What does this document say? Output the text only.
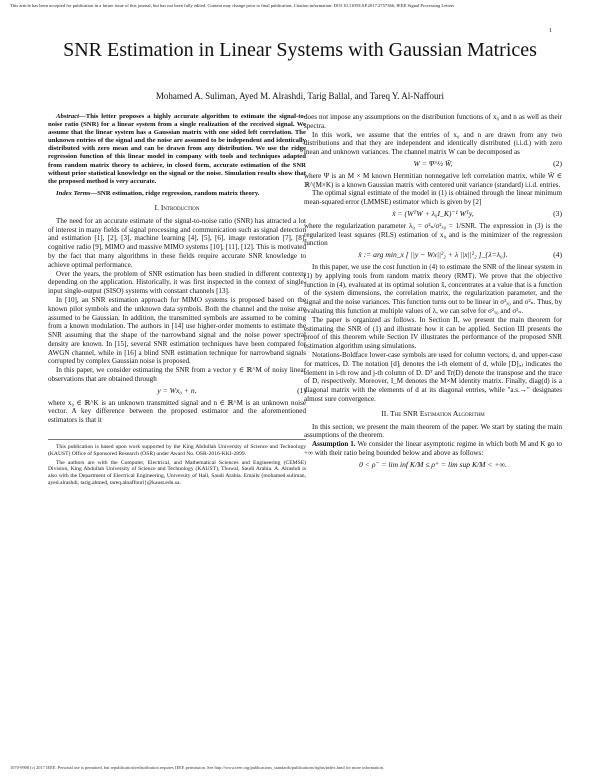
This article has been accepted for publication in a future issue of this journal, but has not been fully edited. Content may change prior to final publication. Citation information: DOI 10.1109/LSP.2017.2757366, IEEE Signal Processing Letters
1
SNR Estimation in Linear Systems with Gaussian Matrices
Mohamed A. Suliman, Ayed M. Alrashdi, Tarig Ballal, and Tareq Y. Al-Naffouri
Abstract—This letter proposes a highly accurate algorithm to estimate the signal-to-noise ratio (SNR) for a linear system from a single realization of the received signal. We assume that the linear system has a Gaussian matrix with one sided left correlation. The unknown entries of the signal and the noise are assumed to be independent and identically distributed with zero mean and can be drawn from any distribution. We use the ridge regression function of this linear model in company with tools and techniques adapted from random matrix theory to achieve, in closed form, accurate estimation of the SNR without prior statistical knowledge on the signal or the noise. Simulation results show that the proposed method is very accurate.
Index Terms—SNR estimation, ridge regression, random matrix theory.
I. Introduction

The need for an accurate estimate of the signal-to-noise ratio (SNR) has attracted a lot of interest in many fields of signal processing and communication such as signal detection and estimation [1], [2], [3], machine learning [4], [5], [6], image restoration [7], [8], cognitive radio [9], MIMO and massive MIMO systems [10], [11], [12]. This is motivated by the fact that many algorithms in these fields require accurate SNR knowledge to achieve optimal performance.

Over the years, the problem of SNR estimation has been studied in different contexts depending on the application. Historically, it was first inspected in the context of single-input single-output (SISO) systems with constant channels [13].

In [10], an SNR estimation approach for MIMO systems is proposed based on the known pilot symbols and the unknown data symbols. Both the channel and the noise are assumed to be Gaussian. In addition, the transmitted symbols are assumed to be coming from a known modulation. The authors in [14] use higher-order moments to estimate the SNR assuming that the shape of the narrowband signal and the noise power spectral density are known. In [15], several SNR estimation techniques have been compared for AWGN channel, while in [16] a blind SNR estimation technique for narrowband signals corrupted by complex Gaussian noise is proposed.

In this paper, we consider estimating the SNR from a vector y ∈ ℝ^M of noisy linear observations that are obtained through

y = Wx₀ + n,	(1)

where x₀ ∈ ℝ^K is an unknown transmitted signal and n ∈ ℝ^M is an unknown noise vector. A key difference between the proposed estimator and the aforementioned estimators is that it

This publication is based upon work supported by the King Abdullah University of Science and Technology (KAUST) Office of Sponsored Research (OSR) under Award No. OSR-2016-KKI-2899.

The authors are with the Computer, Electrical, and Mathematical Sciences and Engineering (CEMSE) Division, King Abdullah University of Science and Technology (KAUST), Thuwal, Saudi Arabia. A. Alrashdi is also with the Department of Electrical Engineering, University of Hail, Saudi Arabia. Emails:{mohamed.suliman, ayed.alrashdi, tarig.ahmed, tareq.alnaffouri}@kaust.edu.sa.

does not impose any assumptions on the distribution functions of x₀ and n as well as their spectra.

In this work, we assume that the entries of x₀ and n are drawn from any two distributions and that they are independent and identically distributed (i.i.d.) with zero mean and unknown variances. The channel matrix W can be decomposed as

W = Ψ^½ W̄,	(2)

where Ψ is an M × M known Hermitian nonnegative left correlation matrix, while W̄ ∈ ℝ^(M×K) is a known Gaussian matrix with centered unit variance (standard) i.i.d. entries.

The optimal signal estimate of the model in (1) is obtained through the linear minimum mean-squared error (LMMSE) estimator which is given by [2]

x̂ = (WᵀW + λ₀I_K)⁻¹ Wᵀy,	(3)

where the regularization parameter λ₀ = σ²ₙ/σ²ₓ₀ = 1/SNR. The expression in (3) is the regularized least squares (RLS) estimation of x₀ and is the minimizer of the regression function

x̂ := arg min_x [ ||y − Wx||²₂ + λ ||x||²₂ ]_{λ=λ₀}.	(4)

In this paper, we use the cost function in (4) to estimate the SNR of the linear system in (1) by applying tools from random matrix theory (RMT). We prove that the objective function in (4), evaluated at its optimal solution x̂, concentrates at a value that is a function of the system dimensions, the correlation matrix, the regularization parameter, and the signal and the noise variances. This function turns out to be linear in σ²ₓ₀ and σ²ₙ. Thus, by evaluating this function at multiple values of λ, we can solve for σ²ₓ₀ and σ²ₙ.

The paper is organized as follows. In Section II, we present the main theorem for estimating the SNR of (1) and illustrate how it can be applied. Section III presents the proof of this theorem while Section IV illustrates the performance of the proposed SNR estimation algorithm using simulations.

Notations-Boldface lower-case symbols are used for column vectors, d, and upper-case for matrices, D. The notation [d]ᵢ denotes the i-th element of d, while [D]ᵢ,ⱼ indicates the element in i-th row and j-th column of D. Dᵀ and Tr(D) denote the transpose and the trace of D, respectively. Moreover, I_M denotes the M×M identity matrix. Finally, diag(d) is a diagonal matrix with the elements of d at its diagonal entries, while "a.s.→" designates almost sure convergence.

II. The SNR Estimation Algorithm

In this section, we present the main theorem of the paper. We start by stating the main assumptions of the theorem.

Assumption 1. We consider the linear asymptotic regime in which both M and K go to +∞ with their ratio being bounded below and above as follows:

0 < ρ⁻ = lim inf K/M ≤ ρ⁺ = lim sup K/M < +∞.
1070-9908 (c) 2017 IEEE. Personal use is permitted, but republication/redistribution requires IEEE permission. See http://www.ieee.org/publications_standards/publications/rights/index.html for more information.
